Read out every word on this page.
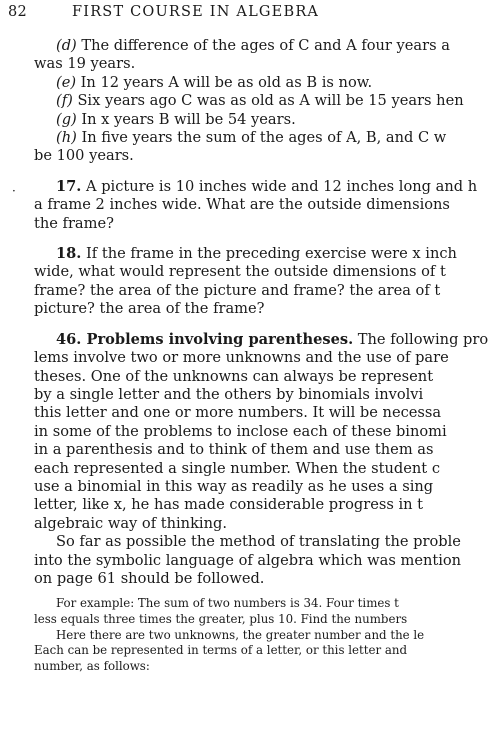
82	FIRST COURSE IN ALGEBRA
·

(d) The difference of the ages of C and A four years a

was 19 years.

(e) In 12 years A will be as old as B is now.

(f) Six years ago C was as old as A will be 15 years hen

(g) In x years B will be 54 years.

(h) In five years the sum of the ages of A, B, and C w

be 100 years.

17. A picture is 10 inches wide and 12 inches long and h

a frame 2 inches wide. What are the outside dimensions

the frame?

18. If the frame in the preceding exercise were x inch

wide, what would represent the outside dimensions of t

frame? the area of the picture and frame? the area of t

picture? the area of the frame?

46. Problems involving parentheses. The following pro

lems involve two or more unknowns and the use of pare

theses. One of the unknowns can always be represent

by a single letter and the others by binomials involvi

this letter and one or more numbers. It will be necessa

in some of the problems to inclose each of these binomi

in a parenthesis and to think of them and use them as

each represented a single number. When the student c

use a binomial in this way as readily as he uses a sing

letter, like x, he has made considerable progress in t

algebraic way of thinking.

So far as possible the method of translating the proble

into the symbolic language of algebra which was mention

on page 61 should be followed.

For example: The sum of two numbers is 34. Four times t

less equals three times the greater, plus 10. Find the numbers

Here there are two unknowns, the greater number and the le

Each can be represented in terms of a letter, or this letter and

number, as follows:
